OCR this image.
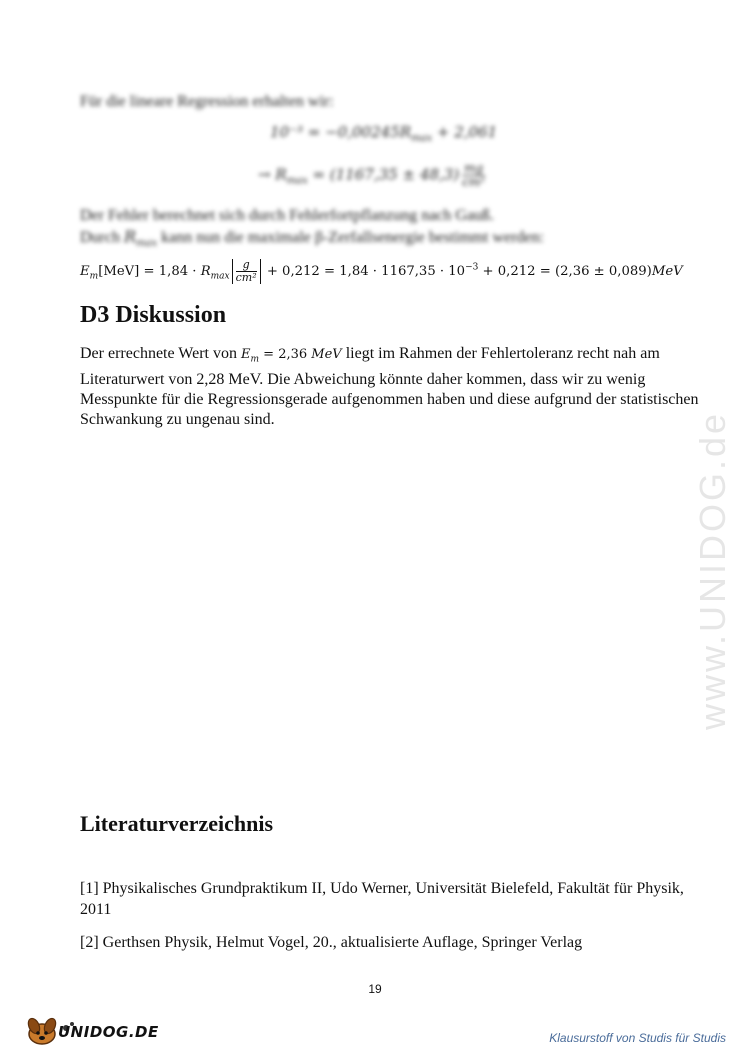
www.UNIDOG.de
Für die lineare Regression erhalten wir:
$10^{-3} = -0,00245R_{max} + 2,061$
→ $R_{max} = (1167,35 \pm 48,3) \frac{mg}{\text{cm²}}$
Der Fehler berechnet sich durch Fehlerfortpflanzung nach Gauß.
Durch $R_{max}$ kann nun die maximale β-Zerfallsenergie bestimmt werden:
$E_m[MeV] = 1,84 \cdot R_{max} \frac{g}{\text{cm²}} + 0,212 = 1,84 \cdot 1167,35 \cdot 10^{-3} + 0,212 = (2,36 \pm 0,089)MeV$
D3 Diskussion
Der errechnete Wert von $E_m = 2,36$ MeV liegt im Rahmen der Fehlertoleranz recht nah am Literaturwert von 2,28 MeV. Die Abweichung könnte daher kommen, dass wir zu wenig Messpunkte für die Regressionsgerade aufgenommen haben und diese aufgrund der statistischen Schwankung zu ungenau sind.
Literaturverzeichnis
[1] Physikalisches Grundpraktikum II, Udo Werner, Universität Bielefeld, Fakultät für Physik, 2011
[2] Gerthsen Physik, Helmut Vogel, 20., aktualisierte Auflage, Springer Verlag
19
UNIDOG.DE	Klausurstoff von Studis für Studis
